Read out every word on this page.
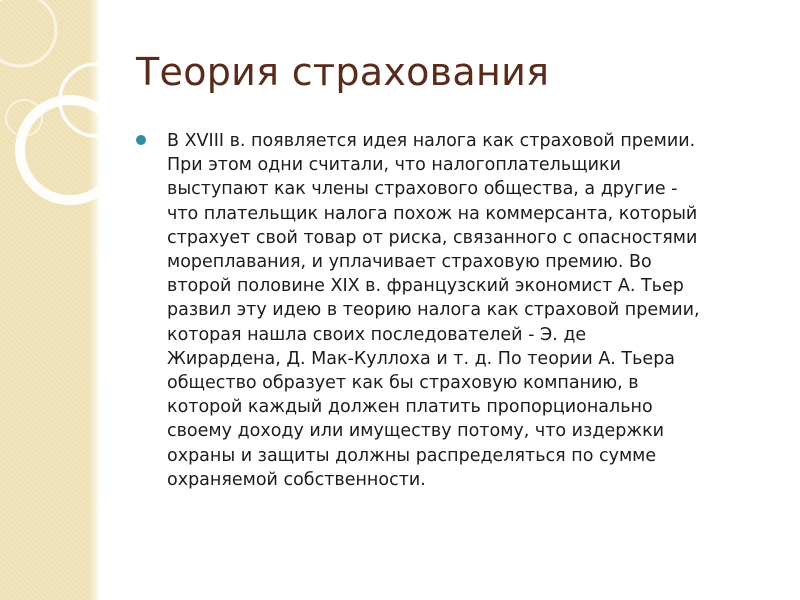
Теория страхования
В XVIII в. появляется идея налога как страховой премии.
При этом одни считали, что налогоплательщики
выступают как члены страхового общества, а другие -
что плательщик налога похож на коммерсанта, который
страхует свой товар от риска, связанного с опасностями
мореплавания, и уплачивает страховую премию. Во
второй половине XIX в. французский экономист А. Тьер
развил эту идею в теорию налога как страховой премии,
которая нашла своих последователей - Э. де
Жирардена, Д. Мак-Куллоха и т. д. По теории А. Тьера
общество образует как бы страховую компанию, в
которой каждый должен платить пропорционально
своему доходу или имуществу потому, что издержки
охраны и защиты должны распределяться по сумме
охраняемой собственности.
